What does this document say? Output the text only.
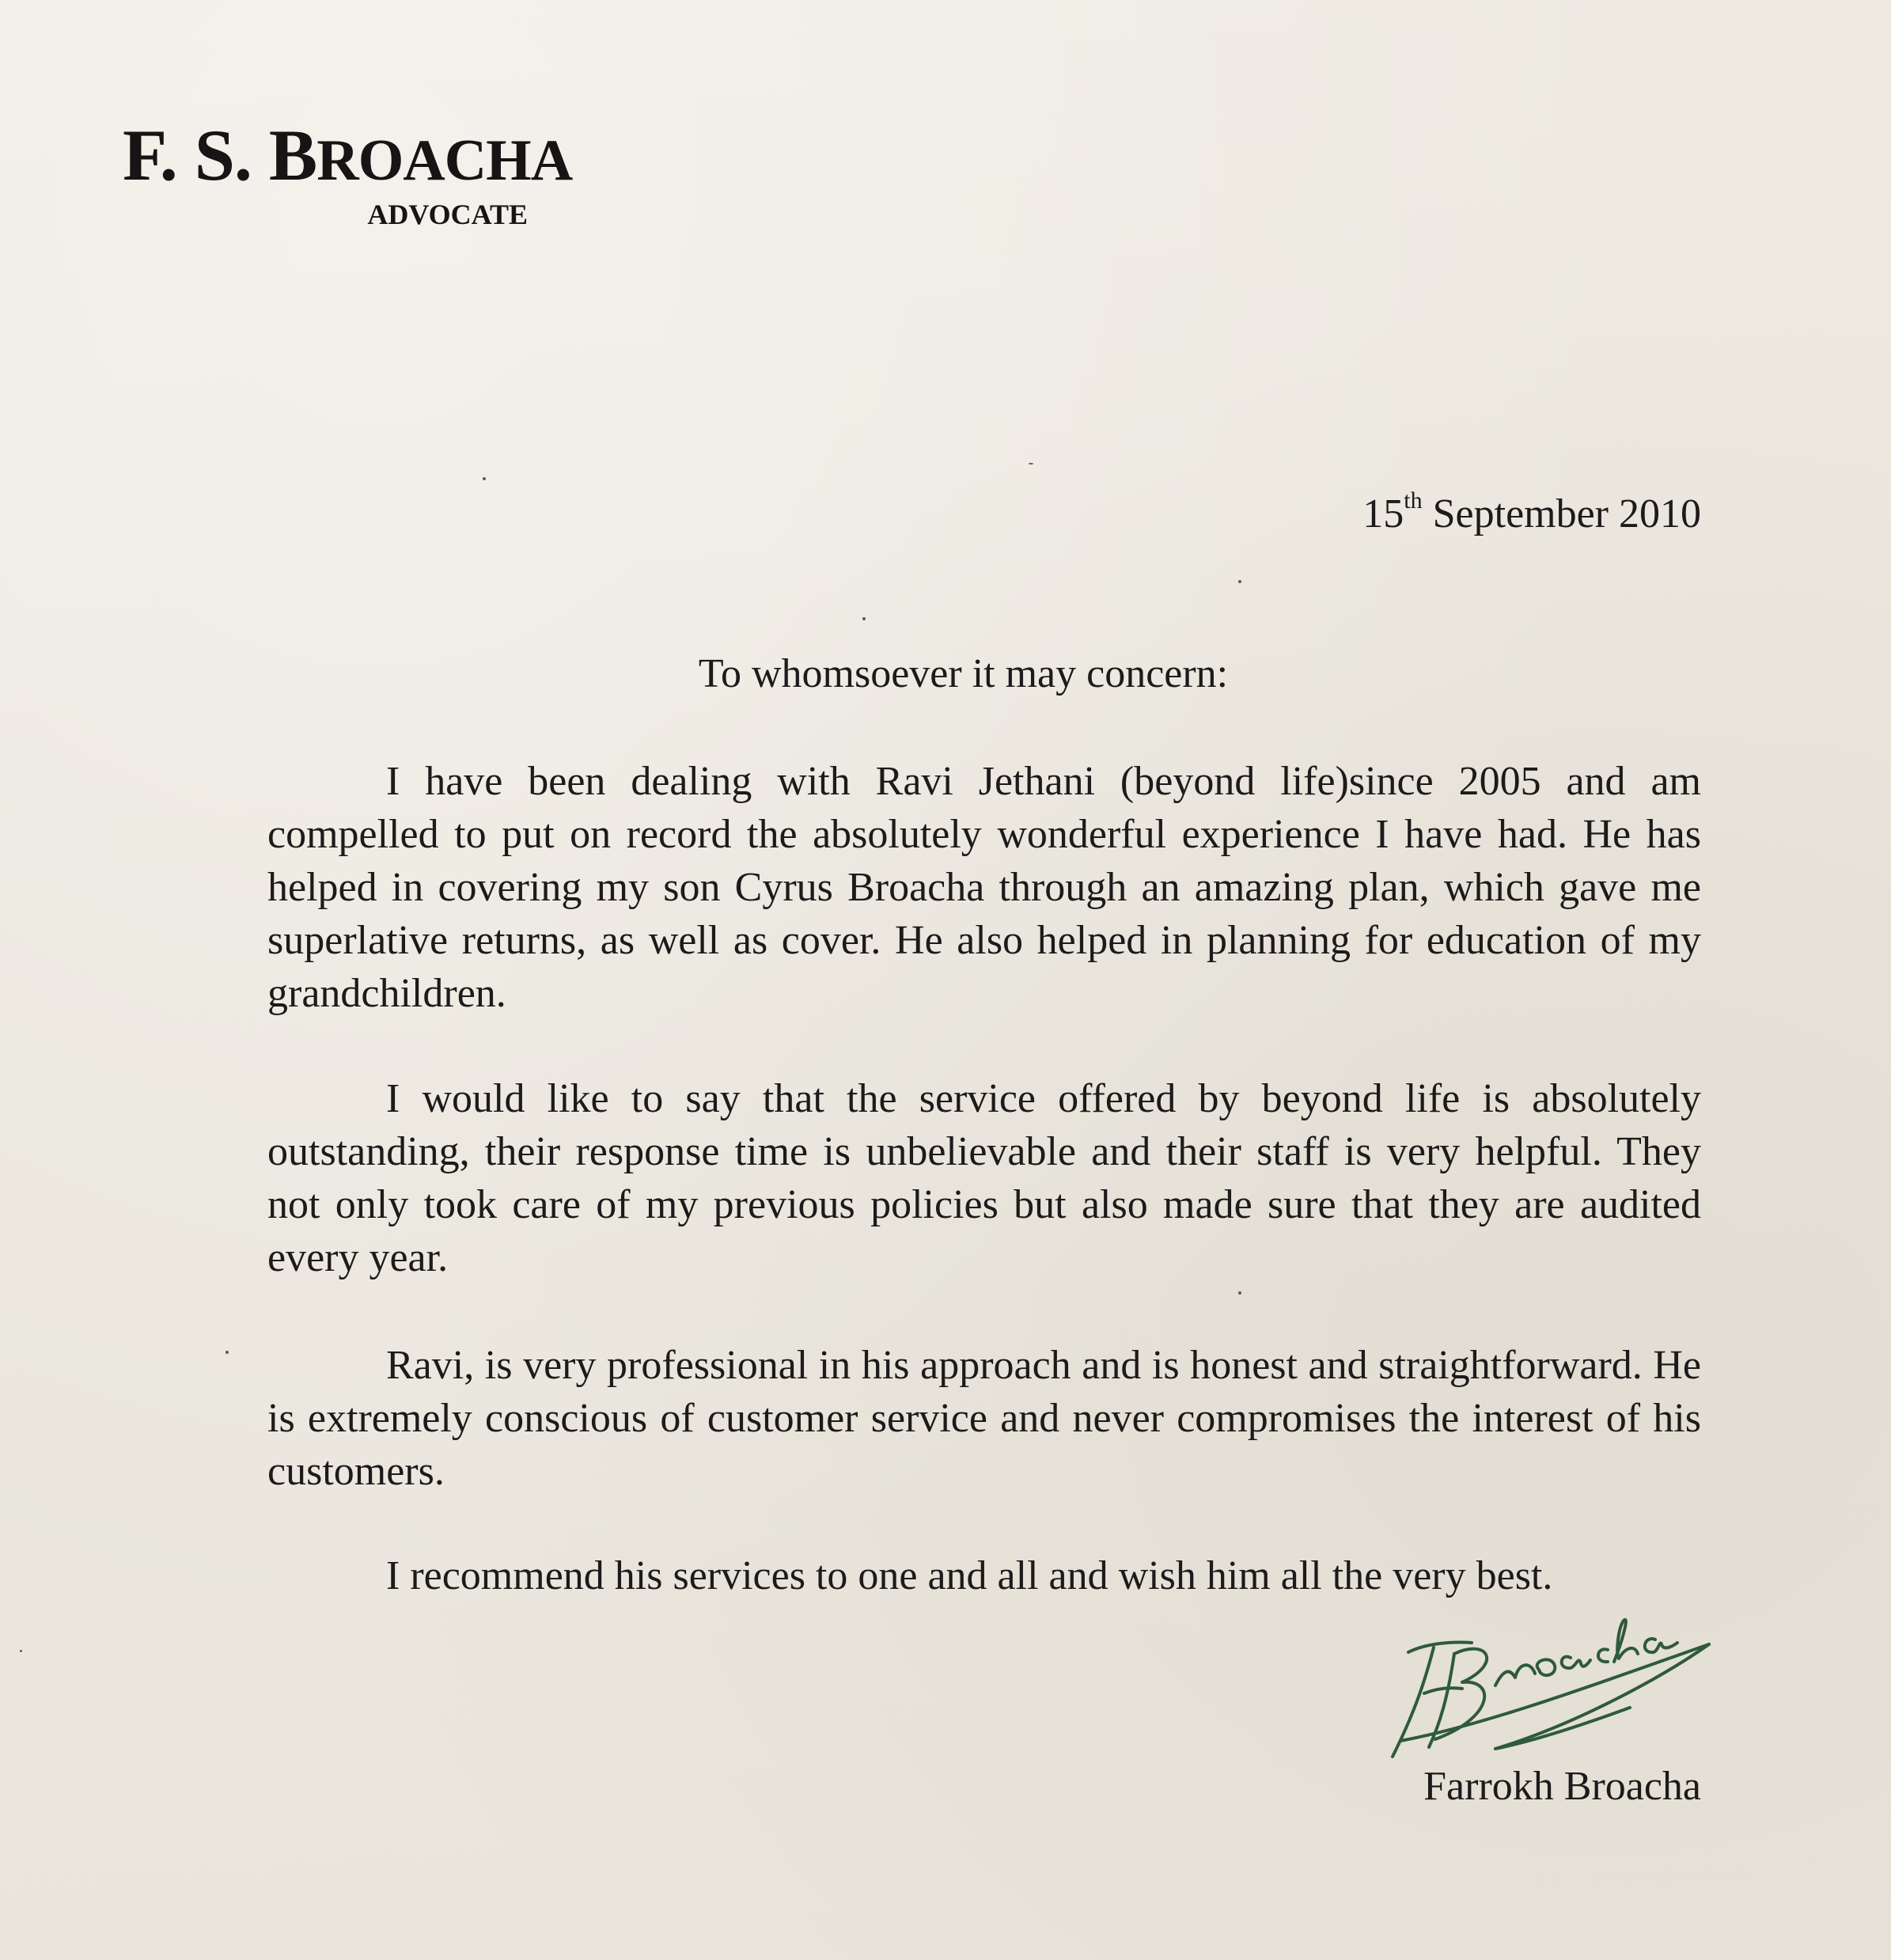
F. S. BROACHA
ADVOCATE
15th September 2010
To whomsoever it may concern:

I have been dealing with Ravi Jethani (beyond life)since 2005 and am compelled to put on record the absolutely wonderful experience I have had. He has helped in covering my son Cyrus Broacha through an amazing plan, which gave me superlative returns, as well as cover. He also helped in planning for education of my grandchildren.

I would like to say that the service offered by beyond life is absolutely outstanding, their response time is unbelievable and their staff is very helpful. They not only took care of my previous policies but also made sure that they are audited every year.

Ravi, is very professional in his approach and is honest and straightforward. He is extremely conscious of customer service and never compromises the interest of his customers.

I recommend his services to one and all and wish him all the very best.

Farrokh Broacha
